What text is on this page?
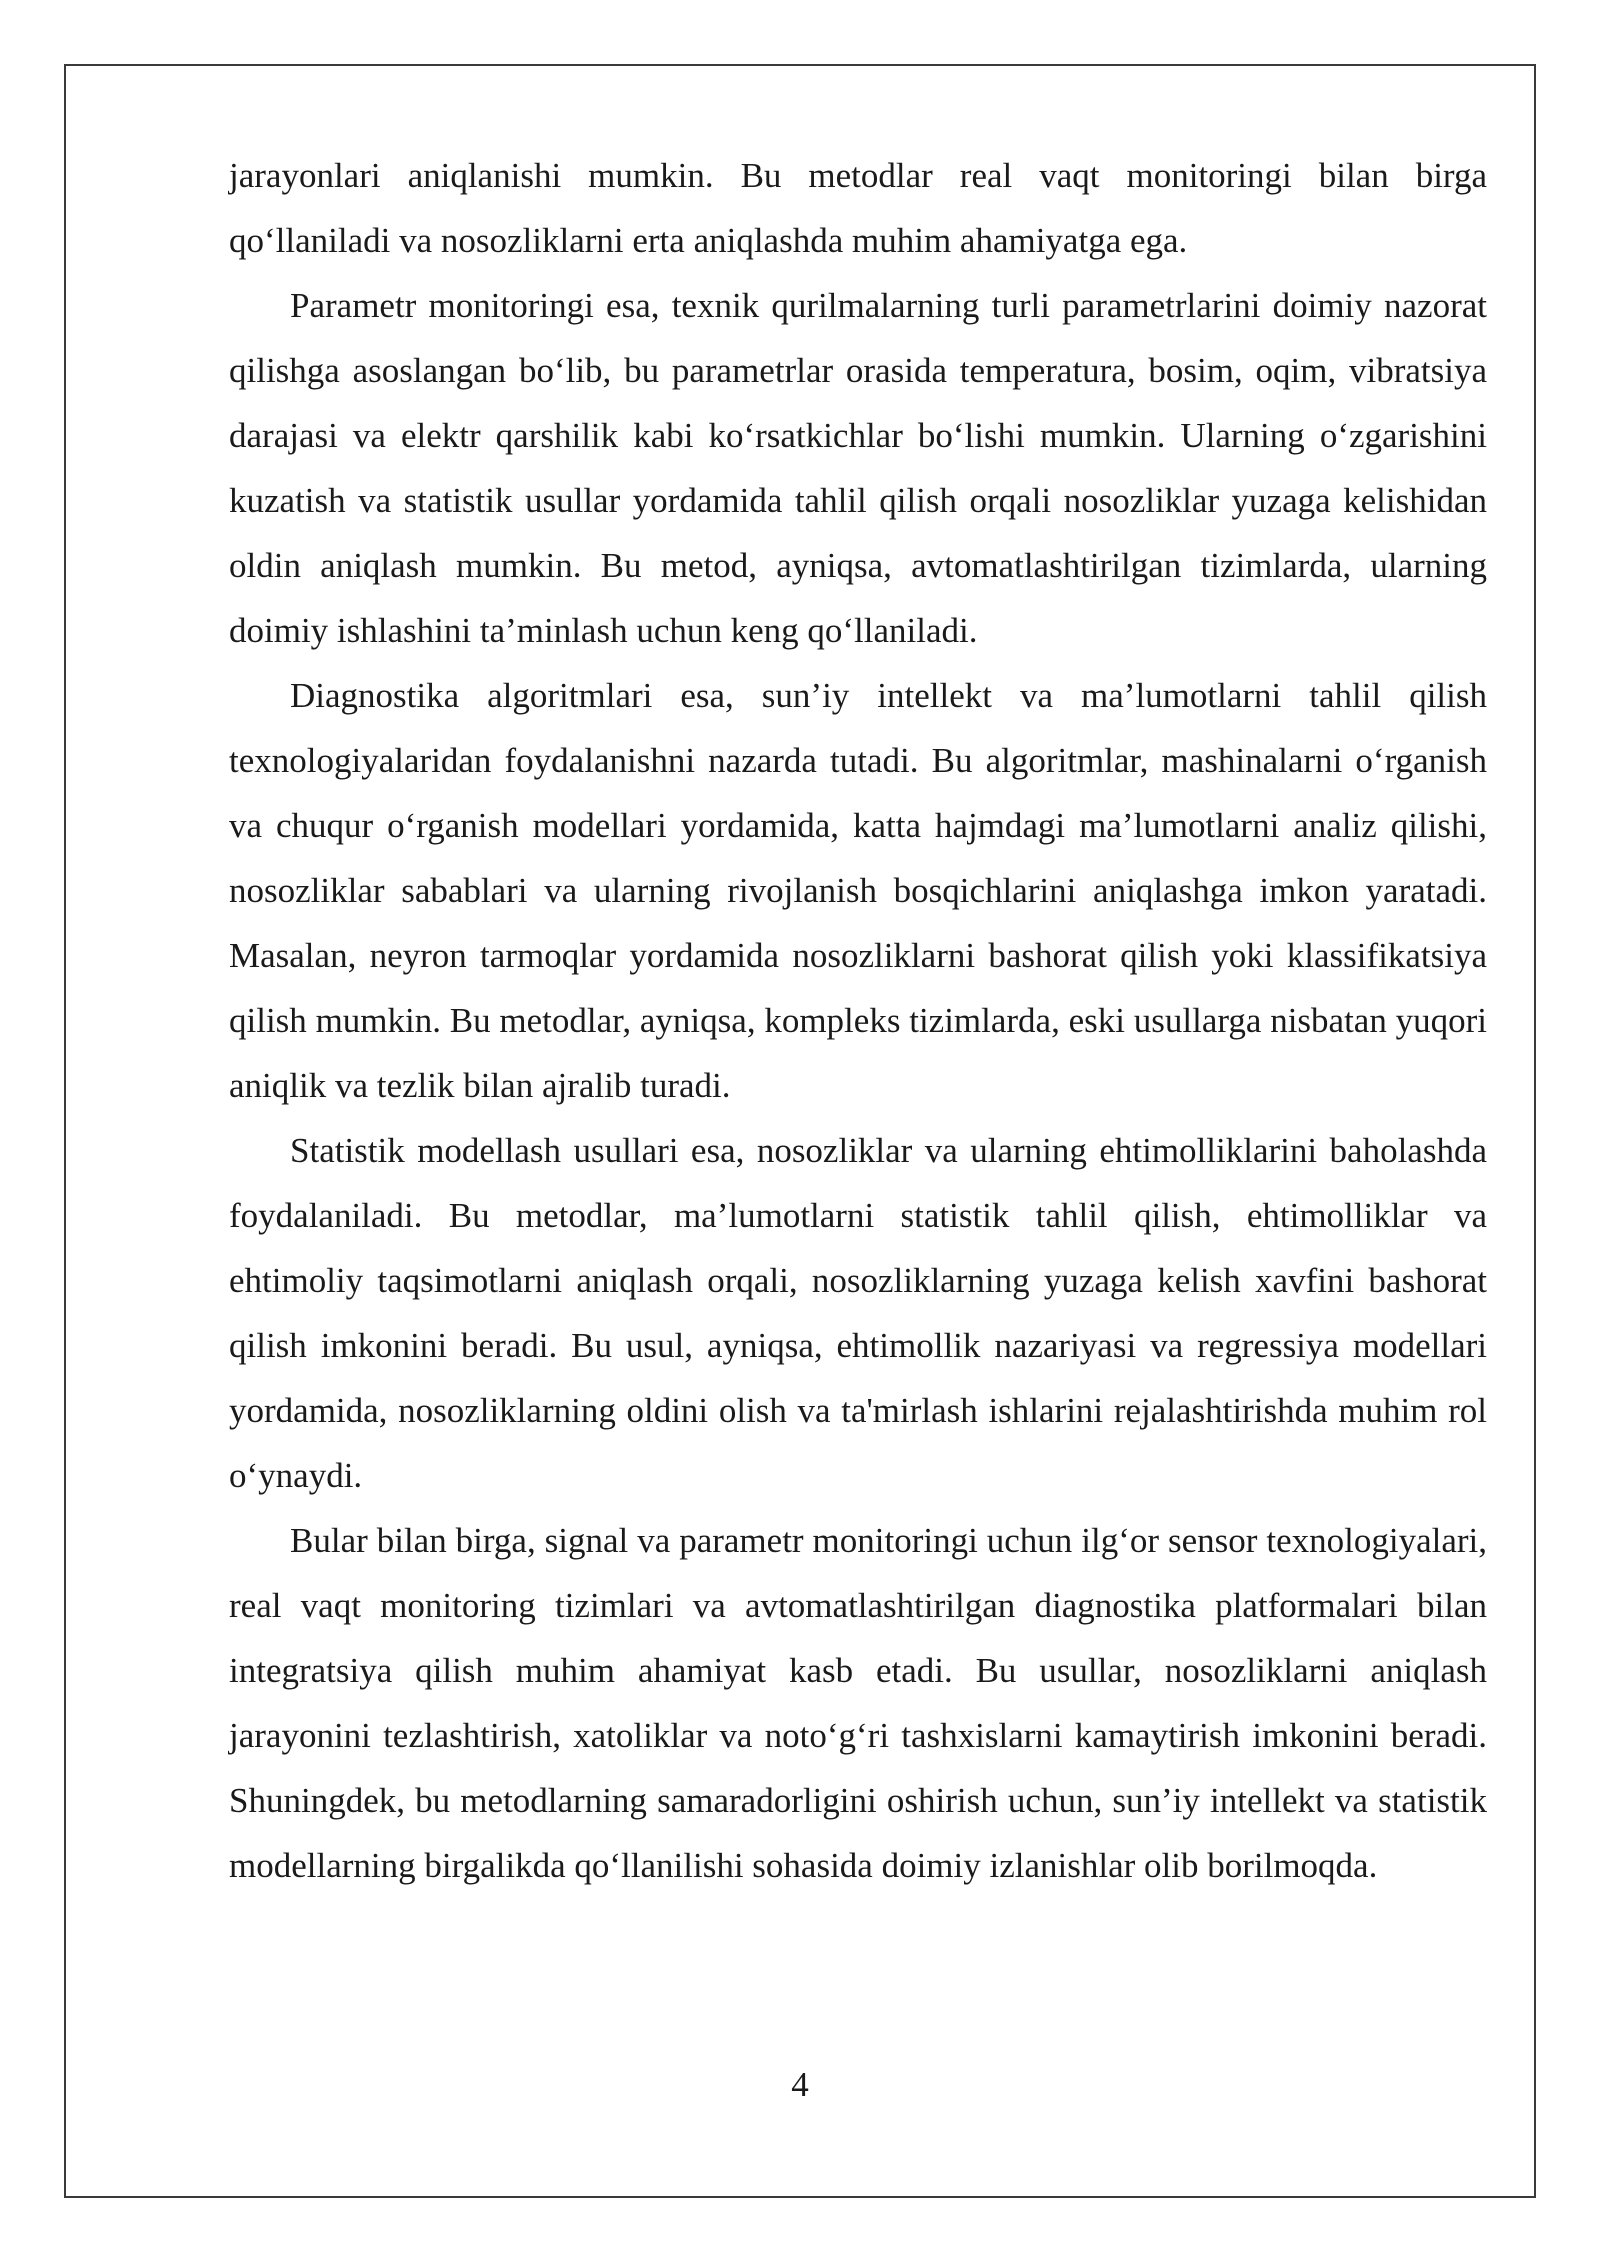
jarayonlari aniqlanishi mumkin. Bu metodlar real vaqt monitoringi bilan birga qo‘llaniladi va nosozliklarni erta aniqlashda muhim ahamiyatga ega.

Parametr monitoringi esa, texnik qurilmalarning turli parametrlarini doimiy nazorat qilishga asoslangan bo‘lib, bu parametrlar orasida temperatura, bosim, oqim, vibratsiya darajasi va elektr qarshilik kabi ko‘rsatkichlar bo‘lishi mumkin. Ularning o‘zgarishini kuzatish va statistik usullar yordamida tahlil qilish orqali nosozliklar yuzaga kelishidan oldin aniqlash mumkin. Bu metod, ayniqsa, avtomatlashtirilgan tizimlarda, ularning doimiy ishlashini ta’minlash uchun keng qo‘llaniladi.

Diagnostika algoritmlari esa, sun’iy intellekt va ma’lumotlarni tahlil qilish texnologiyalaridan foydalanishni nazarda tutadi. Bu algoritmlar, mashinalarni o‘rganish va chuqur o‘rganish modellari yordamida, katta hajmdagi ma’lumotlarni analiz qilishi, nosozliklar sabablari va ularning rivojlanish bosqichlarini aniqlashga imkon yaratadi. Masalan, neyron tarmoqlar yordamida nosozliklarni bashorat qilish yoki klassifikatsiya qilish mumkin. Bu metodlar, ayniqsa, kompleks tizimlarda, eski usullarga nisbatan yuqori aniqlik va tezlik bilan ajralib turadi.

Statistik modellash usullari esa, nosozliklar va ularning ehtimolliklarini baholashda foydalaniladi. Bu metodlar, ma’lumotlarni statistik tahlil qilish, ehtimolliklar va ehtimoliy taqsimotlarni aniqlash orqali, nosozliklarning yuzaga kelish xavfini bashorat qilish imkonini beradi. Bu usul, ayniqsa, ehtimollik nazariyasi va regressiya modellari yordamida, nosozliklarning oldini olish va ta'mirlash ishlarini rejalashtirishda muhim rol o‘ynaydi.

Bular bilan birga, signal va parametr monitoringi uchun ilg‘or sensor texnologiyalari, real vaqt monitoring tizimlari va avtomatlashtirilgan diagnostika platformalari bilan integratsiya qilish muhim ahamiyat kasb etadi. Bu usullar, nosozliklarni aniqlash jarayonini tezlashtirish, xatoliklar va noto‘g‘ri tashxislarni kamaytirish imkonini beradi. Shuningdek, bu metodlarning samaradorligini oshirish uchun, sun’iy intellekt va statistik modellarning birgalikda qo‘llanilishi sohasida doimiy izlanishlar olib borilmoqda.

4
